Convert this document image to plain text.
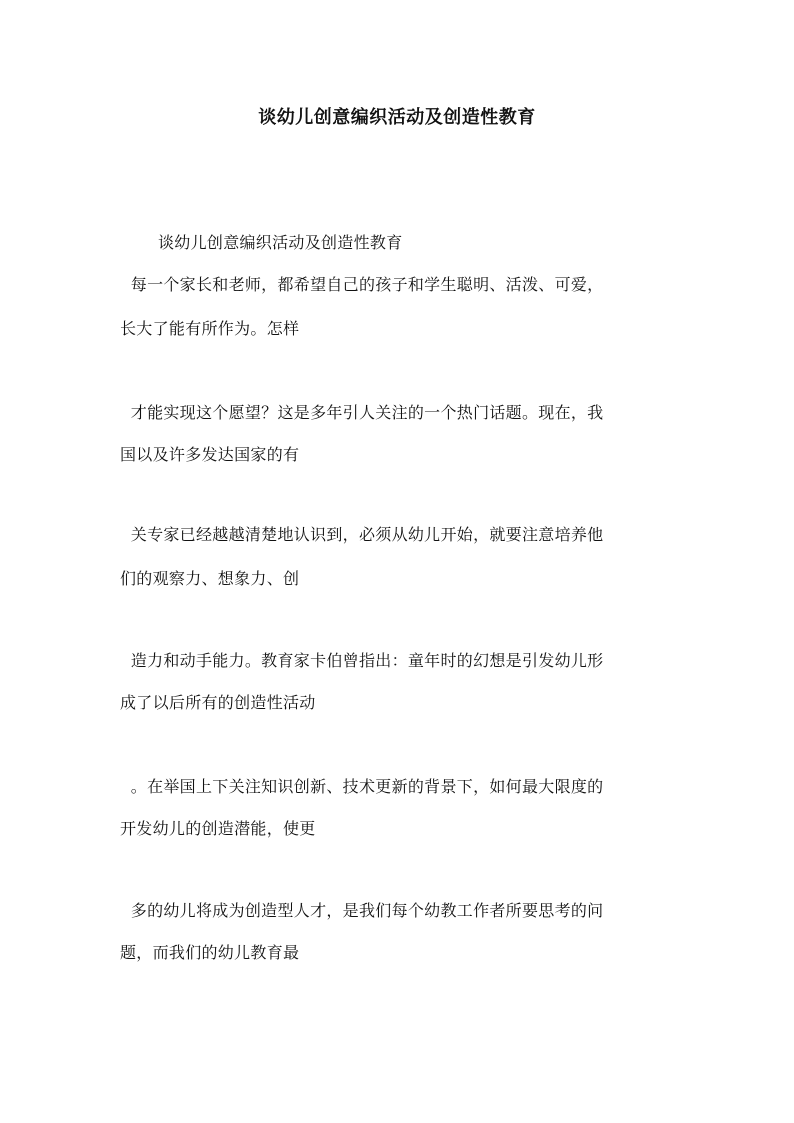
谈幼儿创意编织活动及创造性教育
谈幼儿创意编织活动及创造性教育
每一个家长和老师，都希望自己的孩子和学生聪明、活泼、可爱，
长大了能有所作为。怎样
才能实现这个愿望？这是多年引人关注的一个热门话题。现在，我
国以及许多发达国家的有
关专家已经越越清楚地认识到，必须从幼儿开始，就要注意培养他
们的观察力、想象力、创
造力和动手能力。教育家卡伯曾指出：童年时的幻想是引发幼儿形
成了以后所有的创造性活动
。在举国上下关注知识创新、技术更新的背景下，如何最大限度的
开发幼儿的创造潜能，使更
多的幼儿将成为创造型人才，是我们每个幼教工作者所要思考的问
题，而我们的幼儿教育最
